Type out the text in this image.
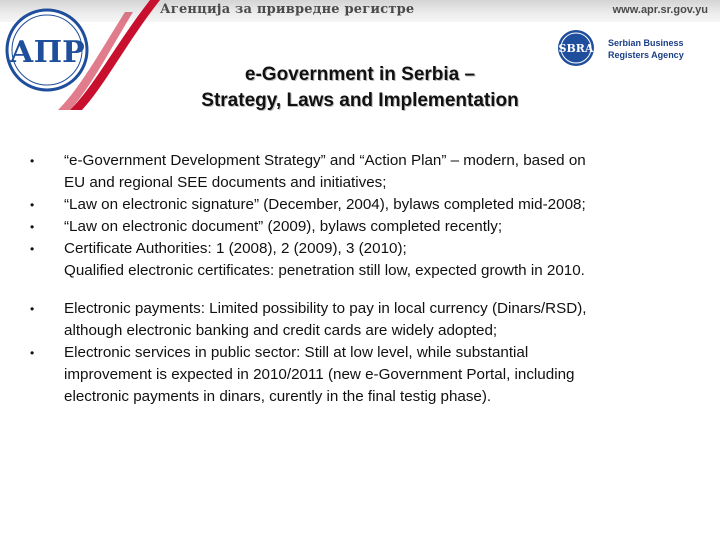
Агенција за привредне регистре	www.apr.sr.gov.yu
АПР	SBRA Serbian Business
Registers Agency
e-Government in Serbia –
Strategy, Laws and Implementation
• “e-Government Development Strategy” and “Action Plan” – modern, based on
EU and regional SEE documents and initiatives;
• “Law on electronic signature” (December, 2004), bylaws completed mid-2008;
• “Law on electronic document” (2009), bylaws completed recently;
• Certificate Authorities: 1 (2008), 2 (2009), 3 (2010);
Qualified electronic certificates: penetration still low, expected growth in 2010.
• Electronic payments: Limited possibility to pay in local currency (Dinars/RSD),
although electronic banking and credit cards are widely adopted;
• Electronic services in public sector: Still at low level, while substantial
improvement is expected in 2010/2011 (new e-Government Portal, including
electronic payments in dinars, curently in the final testig phase).
